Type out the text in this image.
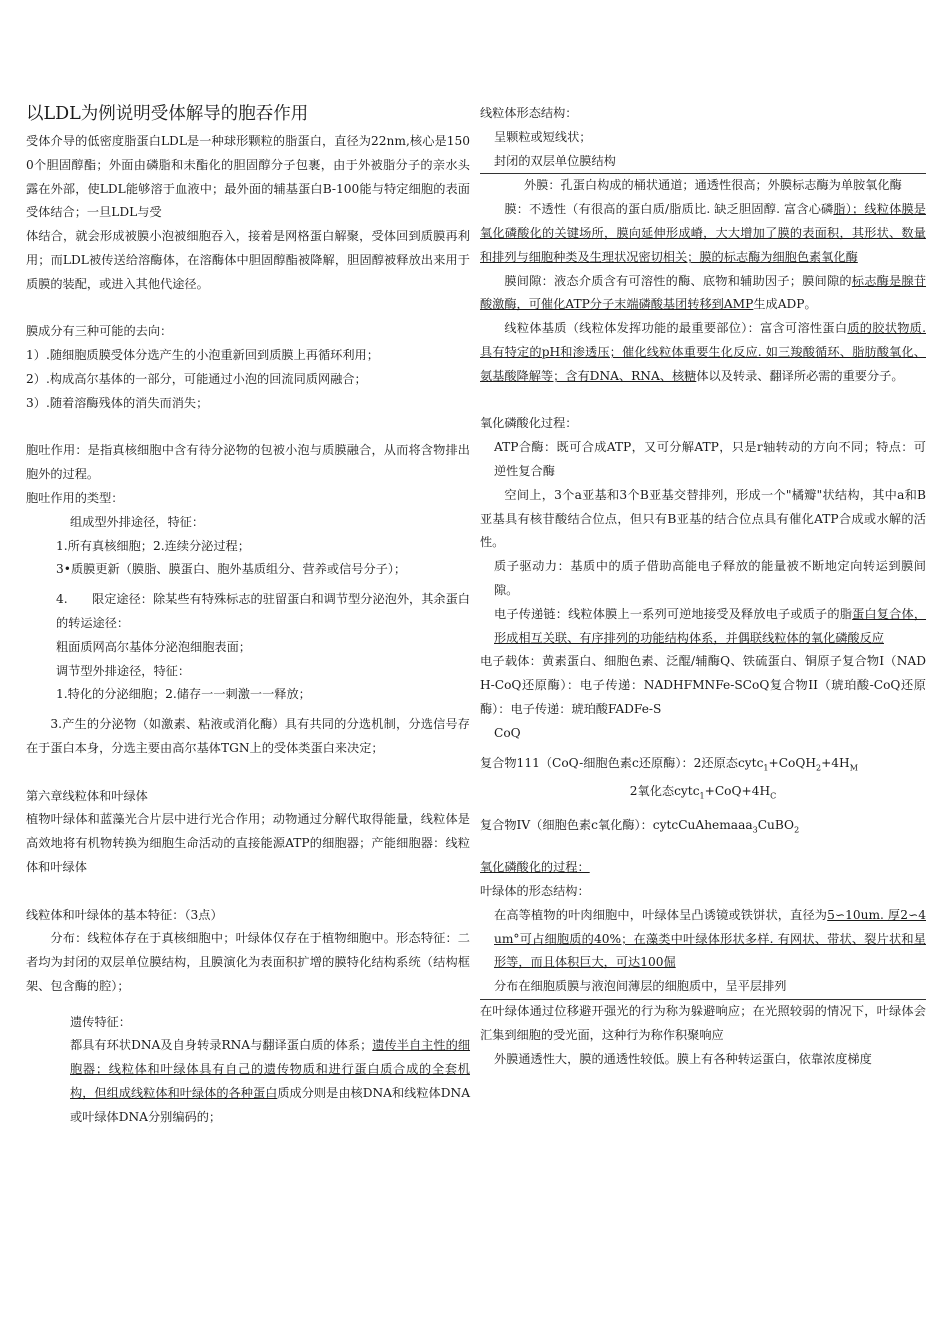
以LDL为例说明受体解导的胞吞作用

受体介导的低密度脂蛋白LDL是一种球形颗粒的脂蛋白，直径为22nm,核心是1500个胆固醇酯；外面由磷脂和未酯化的胆固醇分子包裹，由于外被脂分子的亲水头露在外部，使LDL能够溶于血液中；最外面的辅基蛋白B-100能与特定细胞的表面受体结合；一旦LDL与受

体结合，就会形成被膜小泡被细胞吞入，接着是网格蛋白解聚，受体回到质膜再利用；而LDL被传送给溶酶体，在溶酶体中胆固醇酯被降解，胆固醇被释放出来用于质膜的装配，或进入其他代途径。

膜成分有三种可能的去向：

1）.随细胞质膜受体分选产生的小泡重新回到质膜上再循环利用；

2）.构成高尔基体的一部分，可能通过小泡的回流同质网融合；

3）.随着溶酶残体的消失而消失；

胞吐作用：是指真核细胞中含有待分泌物的包被小泡与质膜融合，从而将含物排出胞外的过程。

胞吐作用的类型：

组成型外排途径，特征：

1.所有真核细胞；2.连续分泌过程；

3•质膜更新（膜脂、膜蛋白、胞外基质组分、营养或信号分子）；

4.　　限定途径：除某些有特殊标志的驻留蛋白和调节型分泌泡外，其余蛋白的转运途径：

粗面质网高尔基体分泌泡细胞表面；

调节型外排途径，特征：

1.特化的分泌细胞；2.储存一一刺激一一释放；

3.产生的分泌物（如激素、粘液或消化酶）具有共同的分选机制，分选信号存在于蛋白本身，分选主要由高尔基体TGN上的受体类蛋白来决定；

第六章线粒体和叶绿体

植物叶绿体和蓝藻光合片层中进行光合作用；动物通过分解代取得能量，线粒体是高效地将有机物转换为细胞生命活动的直接能源ATP的细胞器；产能细胞器：线粒体和叶绿体

线粒体和叶绿体的基本特征：（3点）

分布：线粒体存在于真核细胞中；叶绿体仅存在于植物细胞中。形态特征：二者均为封闭的双层单位膜结构，且膜演化为表面积扩增的膜特化结构系统（结构框架、包含酶的腔）；

遗传特征：

都具有环状DNA及自身转录RNA与翻译蛋白质的体系；遗传半自主性的细胞器；线粒体和叶绿体具有自己的遗传物质和进行蛋白质合成的全套机构，但组成线粒体和叶绿体的各种蛋白质成分则是由核DNA和线粒体DNA或叶绿体DNA分别编码的；

线粒体形态结构：

呈颗粒或短线状；

封闭的双层单位膜结构

外膜：孔蛋白构成的桶状通道；通透性很高；外膜标志酶为单胺氧化酶

膜：不透性（有很高的蛋白质/脂质比. 缺乏胆固醇. 富含心磷脂）；线粒体膜是氧化磷酸化的关键场所，膜向延伸形成嵴，大大增加了膜的表面积，其形状、数量和排列与细胞种类及生理状况密切相关；膜的标志酶为细胞色素氧化酶

膜间隙：液态介质含有可溶性的酶、底物和辅助因子；膜间隙的标志酶是腺苷酸激酶，可催化ATP分子末端磷酸基团转移到AMP生成ADP。

线粒体基质（线粒体发挥功能的最重要部位）：富含可溶性蛋白质的胶状物质. 具有特定的pH和渗透压；催化线粒体重要生化反应. 如三羧酸循环、脂肪酸氧化、氨基酸降解等；含有DNA、RNA、核糖体以及转录、翻译所必需的重要分子。

氧化磷酸化过程：

ATP合酶：既可合成ATP，又可分解ATP，只是r轴转动的方向不同；特点：可逆性复合酶

空间上，3个a亚基和3个B亚基交替排列，形成一个"橘瓣"状结构，其中a和B亚基具有核苷酸结合位点，但只有B亚基的结合位点具有催化ATP合成或水解的活性。

质子驱动力：基质中的质子借助高能电子释放的能量被不断地定向转运到膜间隙。

电子传递链：线粒体膜上一系列可逆地接受及释放电子或质子的脂蛋白复合体，形成相互关联、有序排列的功能结构体系，并偶联线粒体的氧化磷酸反应

电子载体：黄素蛋白、细胞色素、泛醌/辅酶Q、铁硫蛋白、铜原子复合物I（NADH-CoQ还原酶）：电子传递：NADHFMNFe-SCoQ复合物II（琥珀酸-CoQ还原酶）：电子传递：琥珀酸FADFe-S

CoQ

复合物111（CoQ-细胞色素c还原酶）：2还原态$cytc_1+CoQH_2+4H_M$

2氧化态$cytc_1+CoQ+4H_C$

复合物IV（细胞色素c氧化酶）：cytcCuAhemaaa$_3$CuBO$_2$

氧化磷酸化的过程：

叶绿体的形态结构：

在高等植物的叶肉细胞中，叶绿体呈凸诱镜或铁饼状，直径为5∽10um. 厚2∽4um°可占细胞质的40%；在藻类中叶绿体形状多样. 有网状、带状、裂片状和星形等，而且体积巨大，可达100倔

分布在细胞质膜与液泡间薄层的细胞质中，呈平层排列

在叶绿体通过位移避开强光的行为称为躲避响应；在光照较弱的情况下，叶绿体会汇集到细胞的受光面，这种行为称作积聚响应

外膜通透性大，膜的通透性较低。膜上有各种转运蛋白，依靠浓度梯度
